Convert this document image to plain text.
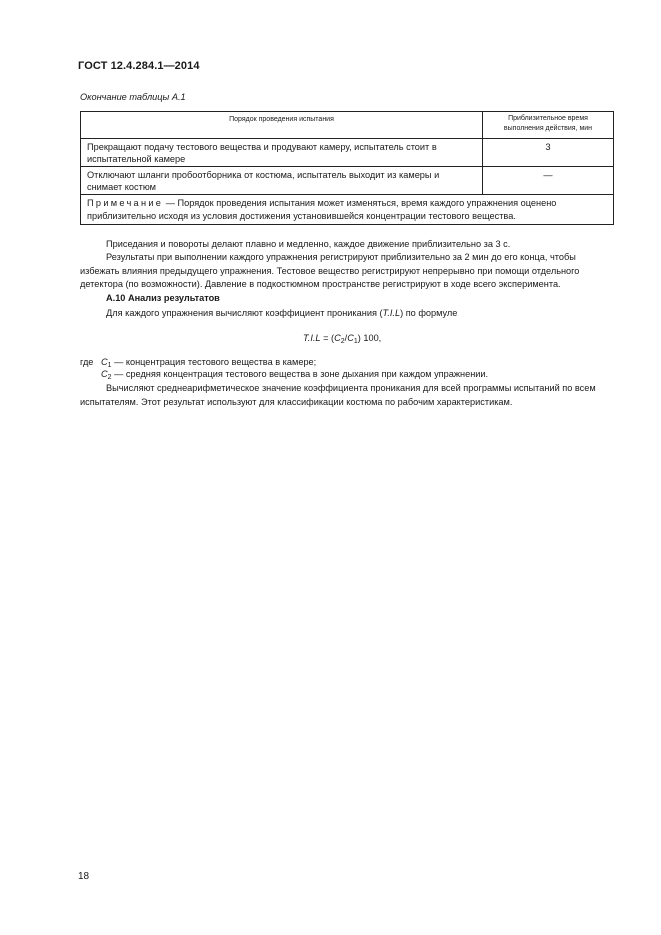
ГОСТ 12.4.284.1—2014
Окончание таблицы А.1
Порядок проведения испытания	Приблизительное время выполнения действия, мин
Прекращают подачу тестового вещества и продувают камеру, испытатель стоит в испытательной камере	3
Отключают шланги пробоотборника от костюма, испытатель выходит из камеры и снимает костюм	—
Примечание — Порядок проведения испытания может изменяться, время каждого упражнения оценено приблизительно исходя из условия достижения установившейся концентрации тестового вещества.	
Приседания и повороты делают плавно и медленно, каждое движение приблизительно за 3 с.
Результаты при выполнении каждого упражнения регистрируют приблизительно за 2 мин до его конца, чтобы избежать влияния предыдущего упражнения. Тестовое вещество регистрируют непрерывно при помощи отдельного детектора (по возможности). Давление в подкостюмном пространстве регистрируют в ходе всего эксперимента.
А.10 Анализ результатов
Для каждого упражнения вычисляют коэффициент проникания (T.I.L) по формуле
$T.I.L = (C_2/C_1)$ 100,
где $C_1$ — концентрация тестового вещества в камере;
$C_2$ — средняя концентрация тестового вещества в зоне дыхания при каждом упражнении.
Вычисляют среднеарифметическое значение коэффициента проникания для всей программы испытаний по всем испытателям. Этот результат используют для классификации костюма по рабочим характеристикам.
18
